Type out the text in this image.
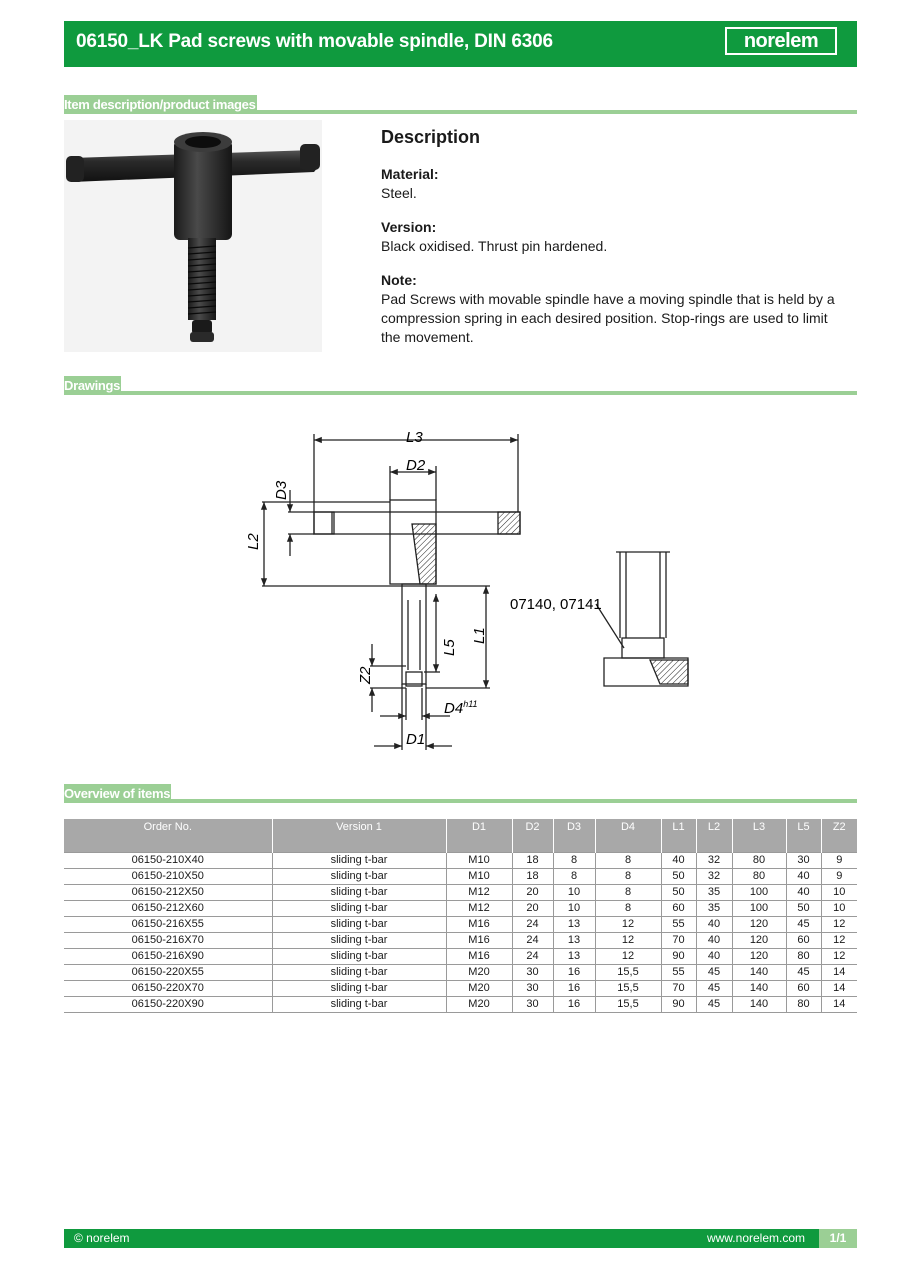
06150_LK Pad screws with movable spindle, DIN 6306	norelem
Item description/product images
Description
Material:
Steel.
Version:
Black oxidised. Thrust pin hardened.
Note:
Pad Screws with movable spindle have a moving spindle that is held by a compression spring in each desired position. Stop-rings are used to limit the movement.
Drawings
L3
D2
D3
L2
L1
L5
Z2
$D4^{h11}$
D1
07140, 07141
Overview of items
Order No.	Version 1	D1	D2	D3	D4	L1	L2	L3	L5	Z2
06150-210X40	sliding t-bar	M10	18	8	8	40	32	80	30	9
06150-210X50	sliding t-bar	M10	18	8	8	50	32	80	40	9
06150-212X50	sliding t-bar	M12	20	10	8	50	35	100	40	10
06150-212X60	sliding t-bar	M12	20	10	8	60	35	100	50	10
06150-216X55	sliding t-bar	M16	24	13	12	55	40	120	45	12
06150-216X70	sliding t-bar	M16	24	13	12	70	40	120	60	12
06150-216X90	sliding t-bar	M16	24	13	12	90	40	120	80	12
06150-220X55	sliding t-bar	M20	30	16	15,5	55	45	140	45	14
06150-220X70	sliding t-bar	M20	30	16	15,5	70	45	140	60	14
06150-220X90	sliding t-bar	M20	30	16	15,5	90	45	140	80	14
© norelem	www.norelem.com	1/1
